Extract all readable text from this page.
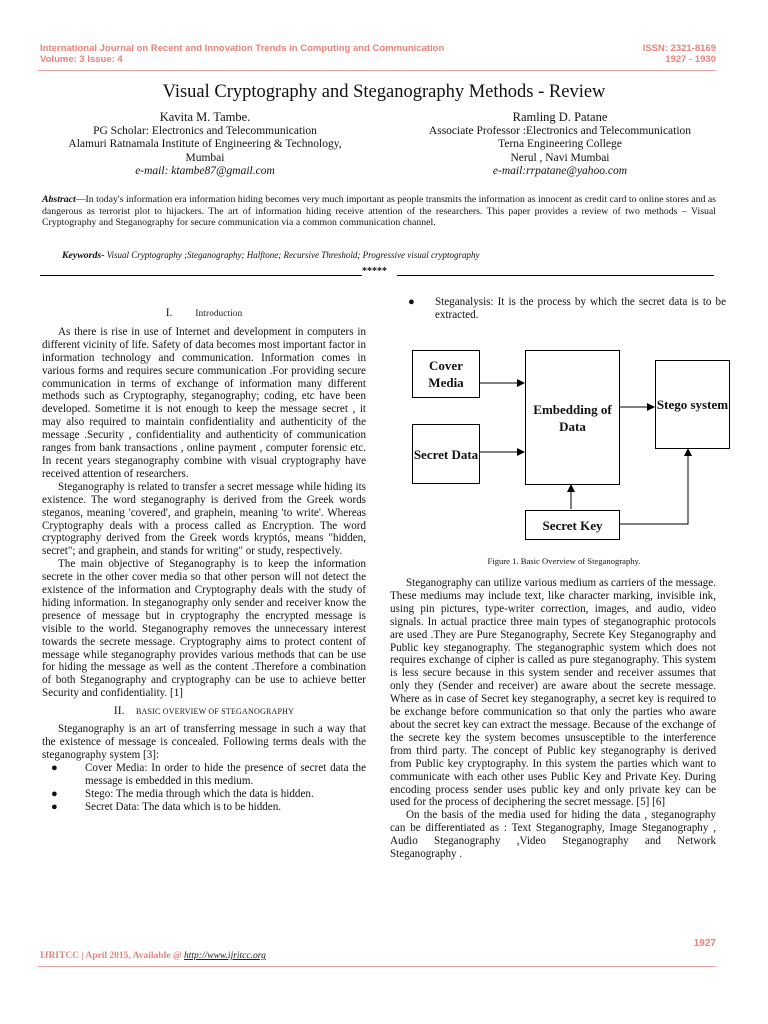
International Journal on Recent and Innovation Trends in Computing and Communication
Volume: 3 Issue: 4
ISSN: 2321-8169
1927 - 1930
Visual Cryptography and Steganography Methods - Review
Kavita M. Tambe.
PG Scholar: Electronics and Telecommunication
Alamuri Ratnamala Institute of Engineering & Technology,
Mumbai
e-mail: ktambe87@gmail.com
Ramling D. Patane
Associate Professor :Electronics and Telecommunication
Terna Engineering College
Nerul , Navi Mumbai
e-mail:rrpatane@yahoo.com
Abstract—In today's information era information hiding becomes very much important as people transmits the information as innocent as credit card to online stores and as dangerous as terrorist plot to hijackers. The art of information hiding receive attention of the researchers. This paper provides a review of two methods – Visual Cryptography and Steganography for secure communication via a common communication channel.
Keywords- Visual Cryptography ;Steganography; Halftone; Recursive Threshold; Progressive visual cryptography
*****
I.	Introduction

As there is rise in use of Internet and development in computers in different vicinity of life. Safety of data becomes most important factor in information technology and communication. Information comes in various forms and requires secure communication .For providing secure communication in terms of exchange of information many different methods such as Cryptography, steganography; coding, etc have been developed. Sometime it is not enough to keep the message secret , it may also required to maintain confidentiality and authenticity of the message .Security , confidentiality and authenticity of communication ranges from bank transactions , online payment , computer forensic etc. In recent years steganography combine with visual cryptography have received attention of researchers.

Steganography is related to transfer a secret message while hiding its existence. The word steganography is derived from the Greek words steganos, meaning 'covered', and graphein, meaning 'to write'. Whereas Cryptography deals with a process called as Encryption. The word cryptography derived from the Greek words kryptós, means "hidden, secret"; and graphein, and stands for writing" or study, respectively.

The main objective of Steganography is to keep the information secrete in the other cover media so that other person will not detect the existence of the information and Cryptography deals with the study of hiding information. In steganography only sender and receiver know the presence of message but in cryptography the encrypted message is visible to the world. Steganography removes the unnecessary interest towards the secrete message. Cryptography aims to protect content of message while steganography provides various methods that can be use for hiding the message as well as the content .Therefore a combination of both Steganography and cryptography can be use to achieve better Security and confidentiality. [1]

II. BASIC OVERVIEW OF STEGANOGRAPHY

Steganography is an art of transferring message in such a way that the existence of message is concealed. Following terms deals with the steganography system [3]:

● Cover Media: In order to hide the presence of secret data the message is embedded in this medium.
● Stego: The media through which the data is hidden.
● Secret Data: The data which is to be hidden.
● Steganalysis: It is the process by which the secret data is to be extracted.
Cover Media
Secret Data
Embedding of Data
Stego system
Secret Key
Figure 1. Basic Overview of Steganography.

Steganography can utilize various medium as carriers of the message. These mediums may include text, like character marking, invisible ink, using pin pictures, type-writer correction, images, and audio, video signals. In actual practice three main types of steganographic protocols are used .They are Pure Steganography, Secrete Key Steganography and Public key steganography. The steganographic system which does not requires exchange of cipher is called as pure steganography. This system is less secure because in this system sender and receiver assumes that only they (Sender and receiver) are aware about the secrete message. Where as in case of Secret key steganography, a secret key is required to be exchange before communication so that only the parties who aware about the secret key can extract the message. Because of the exchange of the secrete key the system becomes unsusceptible to the interference from third party. The concept of Public key steganography is derived from Public key cryptography. In this system the parties which want to communicate with each other uses Public Key and Private Key. During encoding process sender uses public key and only private key can be used for the process of deciphering the secret message. [5] [6]

On the basis of the media used for hiding the data , steganography can be differentiated as : Text Steganography, Image Steganography , Audio Steganography ,Video Steganography and Network Steganography .

1927
IJRITCC | April 2015, Available @ http://www.ijritcc.org
